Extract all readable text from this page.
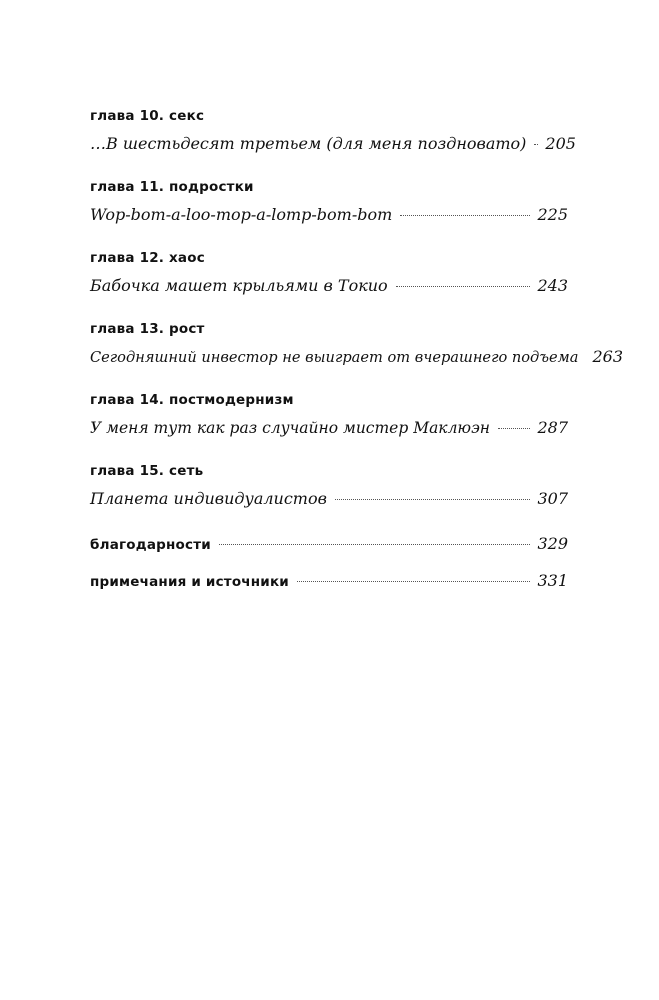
глава 10. секс
…В шестьдесят третьем (для меня поздновато) 205
глава 11. подростки
Wop-bom-a-loo-mop-a-lomp-bom-bom	225
глава 12. хаос
Бабочка машет крыльями в Токио	243
глава 13. рост
Сегодняшний инвестор не выиграет от вчерашнего подъема 263
глава 14. постмодернизм
У меня тут как раз случайно мистер Маклюэн	287
глава 15. сеть
Планета индивидуалистов	307
благодарности	329
примечания и источники	331
